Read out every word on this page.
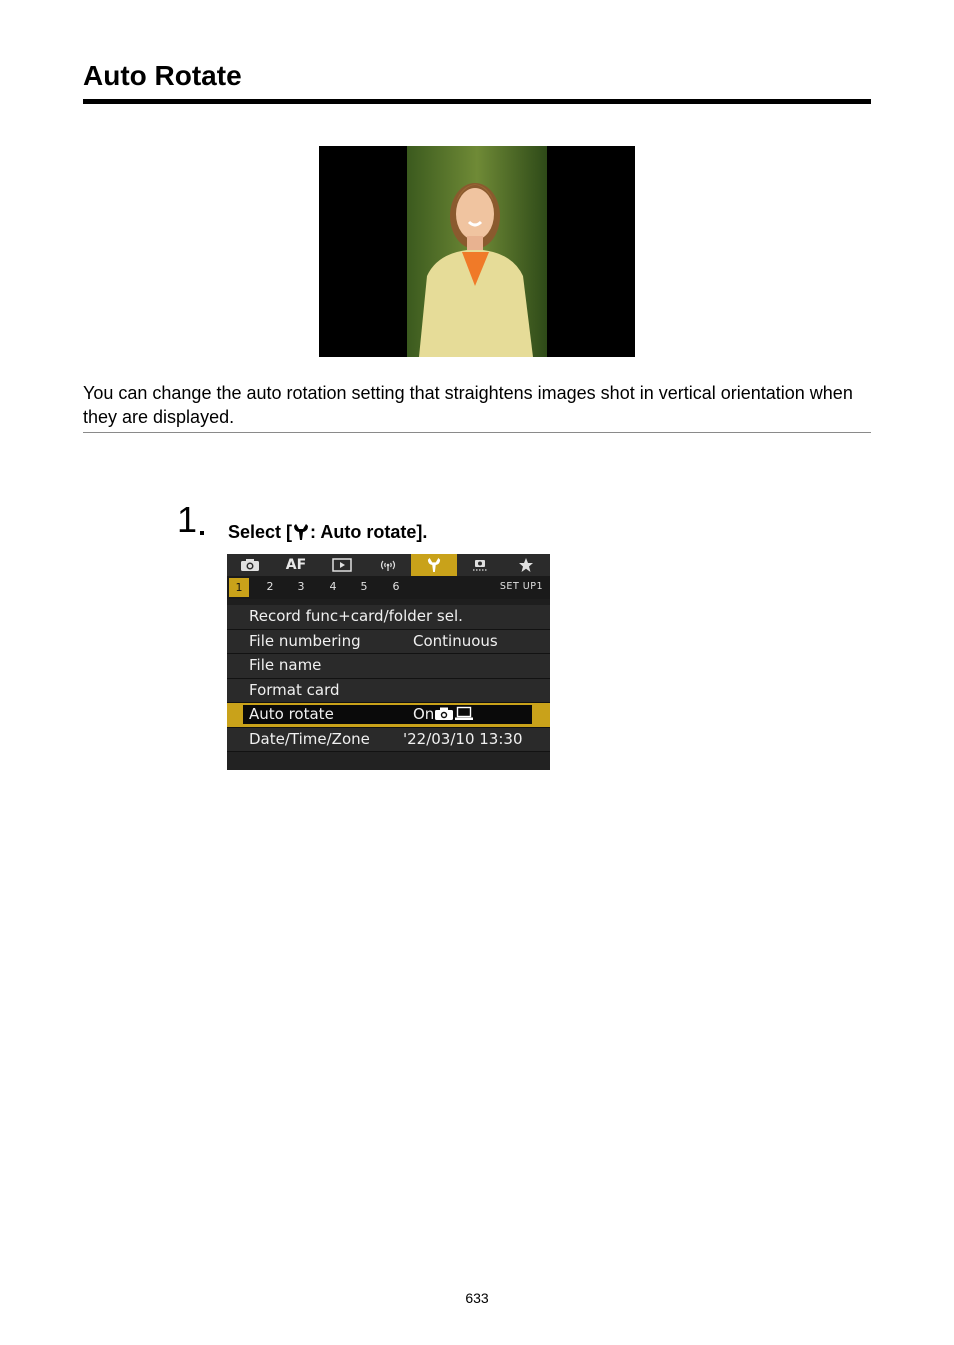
Auto Rotate

You can change the auto rotation setting that straightens images shot in vertical orientation when they are displayed.

1 Select [ : Auto rotate].
AF
1	2	3	4	5	6	SET UP1
Record func+card/folder sel.
File numbering	Continuous
File name
Format card
Auto rotate	On
Date/Time/Zone '22/03/10 13:30
633
